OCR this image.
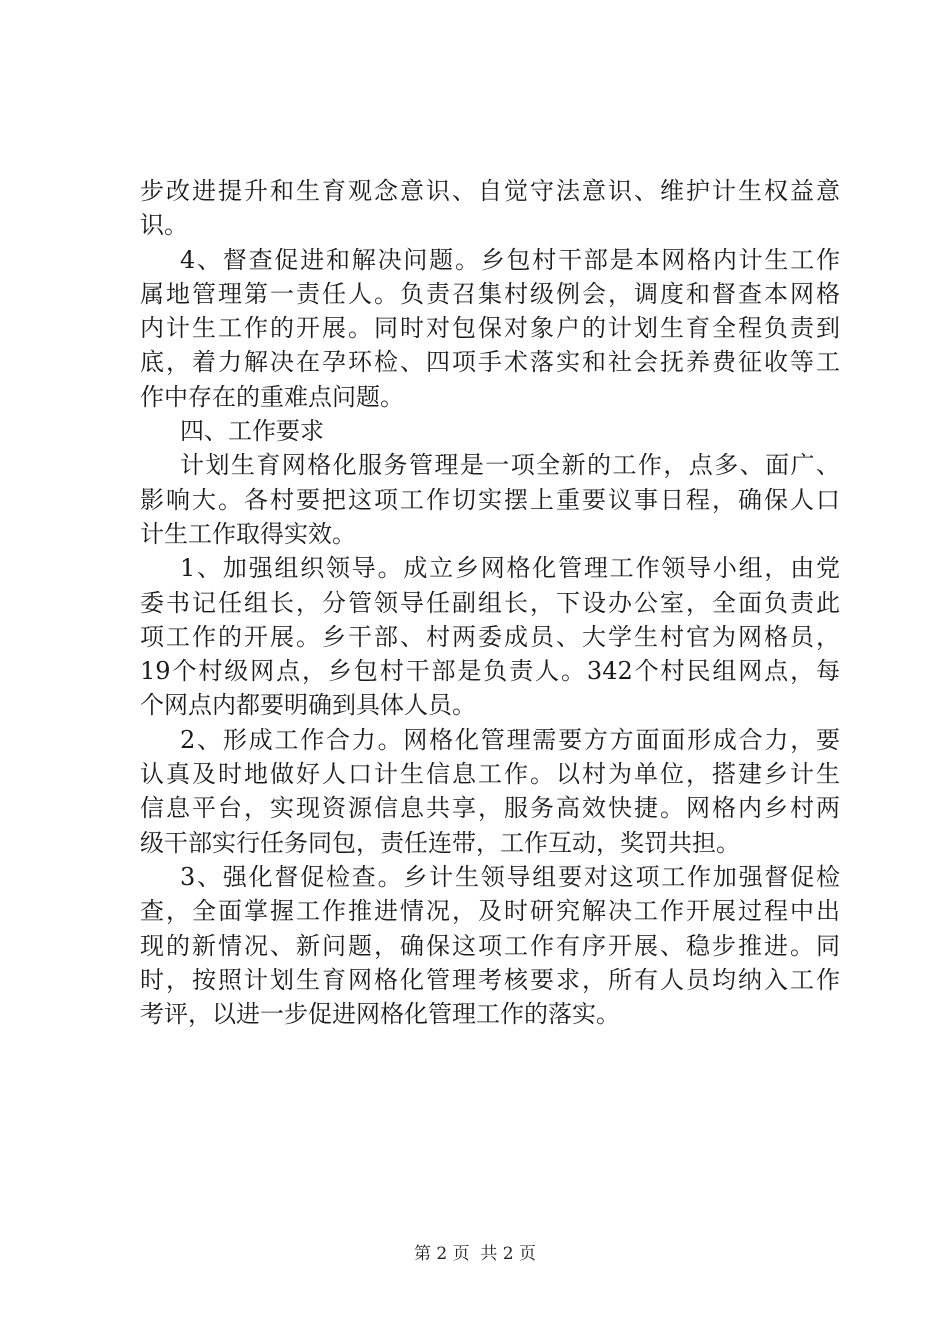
步改进提升和生育观念意识、自觉守法意识、维护计生权益意
识。
4、督查促进和解决问题。乡包村干部是本网格内计生工作
属地管理第一责任人。负责召集村级例会，调度和督查本网格
内计生工作的开展。同时对包保对象户的计划生育全程负责到
底，着力解决在孕环检、四项手术落实和社会抚养费征收等工
作中存在的重难点问题。
四、工作要求
计划生育网格化服务管理是一项全新的工作，点多、面广、
影响大。各村要把这项工作切实摆上重要议事日程，确保人口
计生工作取得实效。
1、加强组织领导。成立乡网格化管理工作领导小组，由党
委书记任组长，分管领导任副组长，下设办公室，全面负责此
项工作的开展。乡干部、村两委成员、大学生村官为网格员，
19个村级网点，乡包村干部是负责人。342个村民组网点，每
个网点内都要明确到具体人员。
2、形成工作合力。网格化管理需要方方面面形成合力，要
认真及时地做好人口计生信息工作。以村为单位，搭建乡计生
信息平台，实现资源信息共享，服务高效快捷。网格内乡村两
级干部实行任务同包，责任连带，工作互动，奖罚共担。
3、强化督促检查。乡计生领导组要对这项工作加强督促检
查，全面掌握工作推进情况，及时研究解决工作开展过程中出
现的新情况、新问题，确保这项工作有序开展、稳步推进。同
时，按照计划生育网格化管理考核要求，所有人员均纳入工作
考评，以进一步促进网格化管理工作的落实。
第 2 页  共 2 页
